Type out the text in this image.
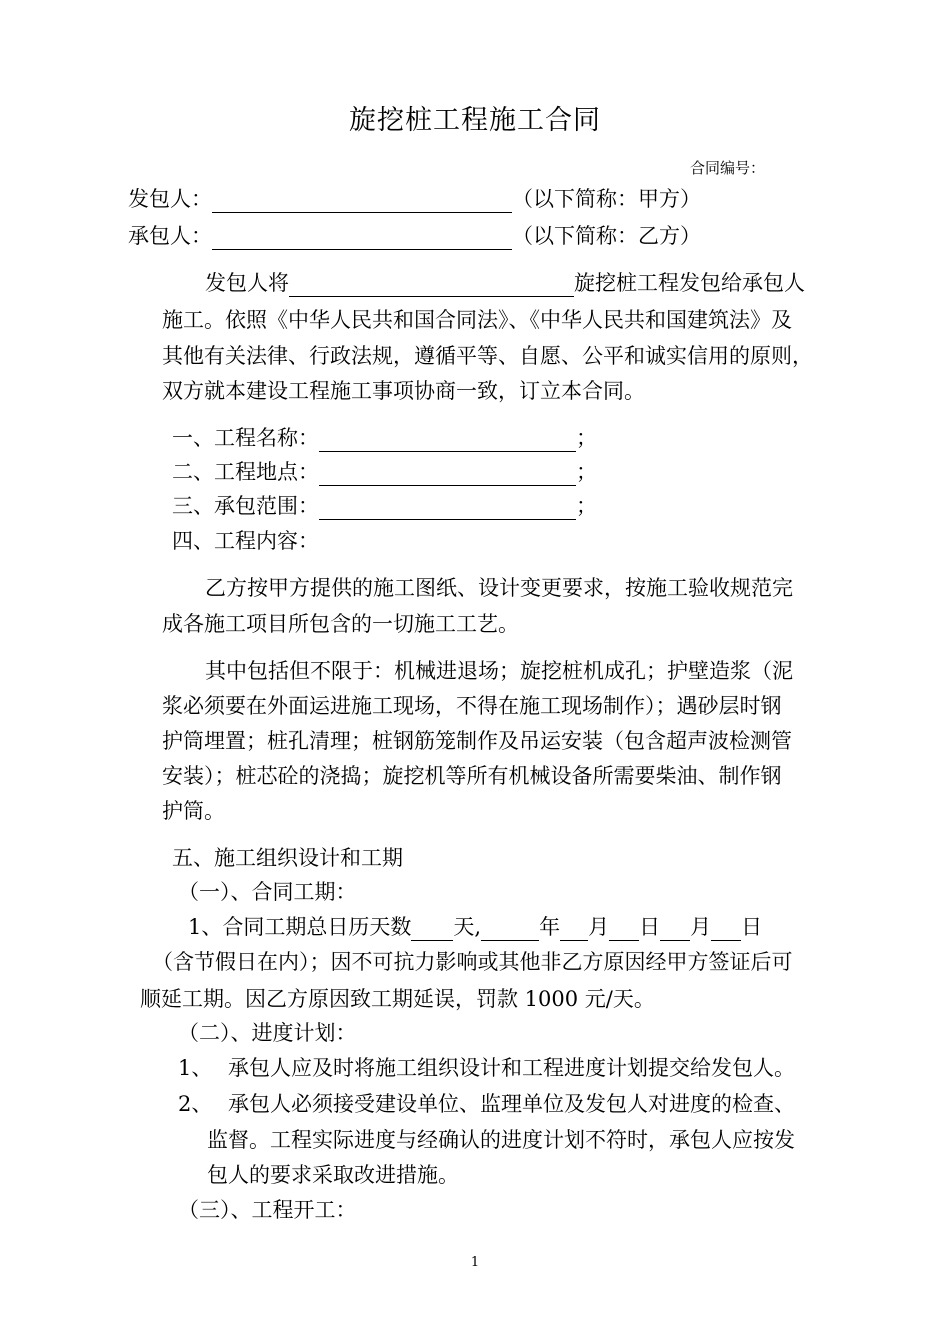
旋挖桩工程施工合同
合同编号：
发包人：	（以下简称：甲方）
承包人：	（以下简称：乙方）
发包人将	旋挖桩工程发包给承包人
施工。依照《中华人民共和国合同法》、《中华人民共和国建筑法》及
其他有关法律、行政法规，遵循平等、自愿、公平和诚实信用的原则，
双方就本建设工程施工事项协商一致，订立本合同。
一、工程名称：	；
二、工程地点：	；
三、承包范围：	；
四、工程内容：
乙方按甲方提供的施工图纸、设计变更要求，按施工验收规范完
成各施工项目所包含的一切施工工艺。
其中包括但不限于：机械进退场；旋挖桩机成孔；护壁造浆（泥
浆必须要在外面运进施工现场，不得在施工现场制作）；遇砂层时钢
护筒埋置；桩孔清理；桩钢筋笼制作及吊运安装（包含超声波检测管
安装）；桩芯砼的浇捣；旋挖机等所有机械设备所需要柴油、制作钢
护筒。
五、施工组织设计和工期
（一）、合同工期：
1、合同工期总日历天数 天,	年 月 日 月 日
（含节假日在内）；因不可抗力影响或其他非乙方原因经甲方签证后可
顺延工期。因乙方原因致工期延误，罚款 1000 元/天。
（二）、进度计划：
1、 承包人应及时将施工组织设计和工程进度计划提交给发包人。
2、 承包人必须接受建设单位、监理单位及发包人对进度的检查、
监督。工程实际进度与经确认的进度计划不符时，承包人应按发
包人的要求采取改进措施。
（三）、工程开工：
1
